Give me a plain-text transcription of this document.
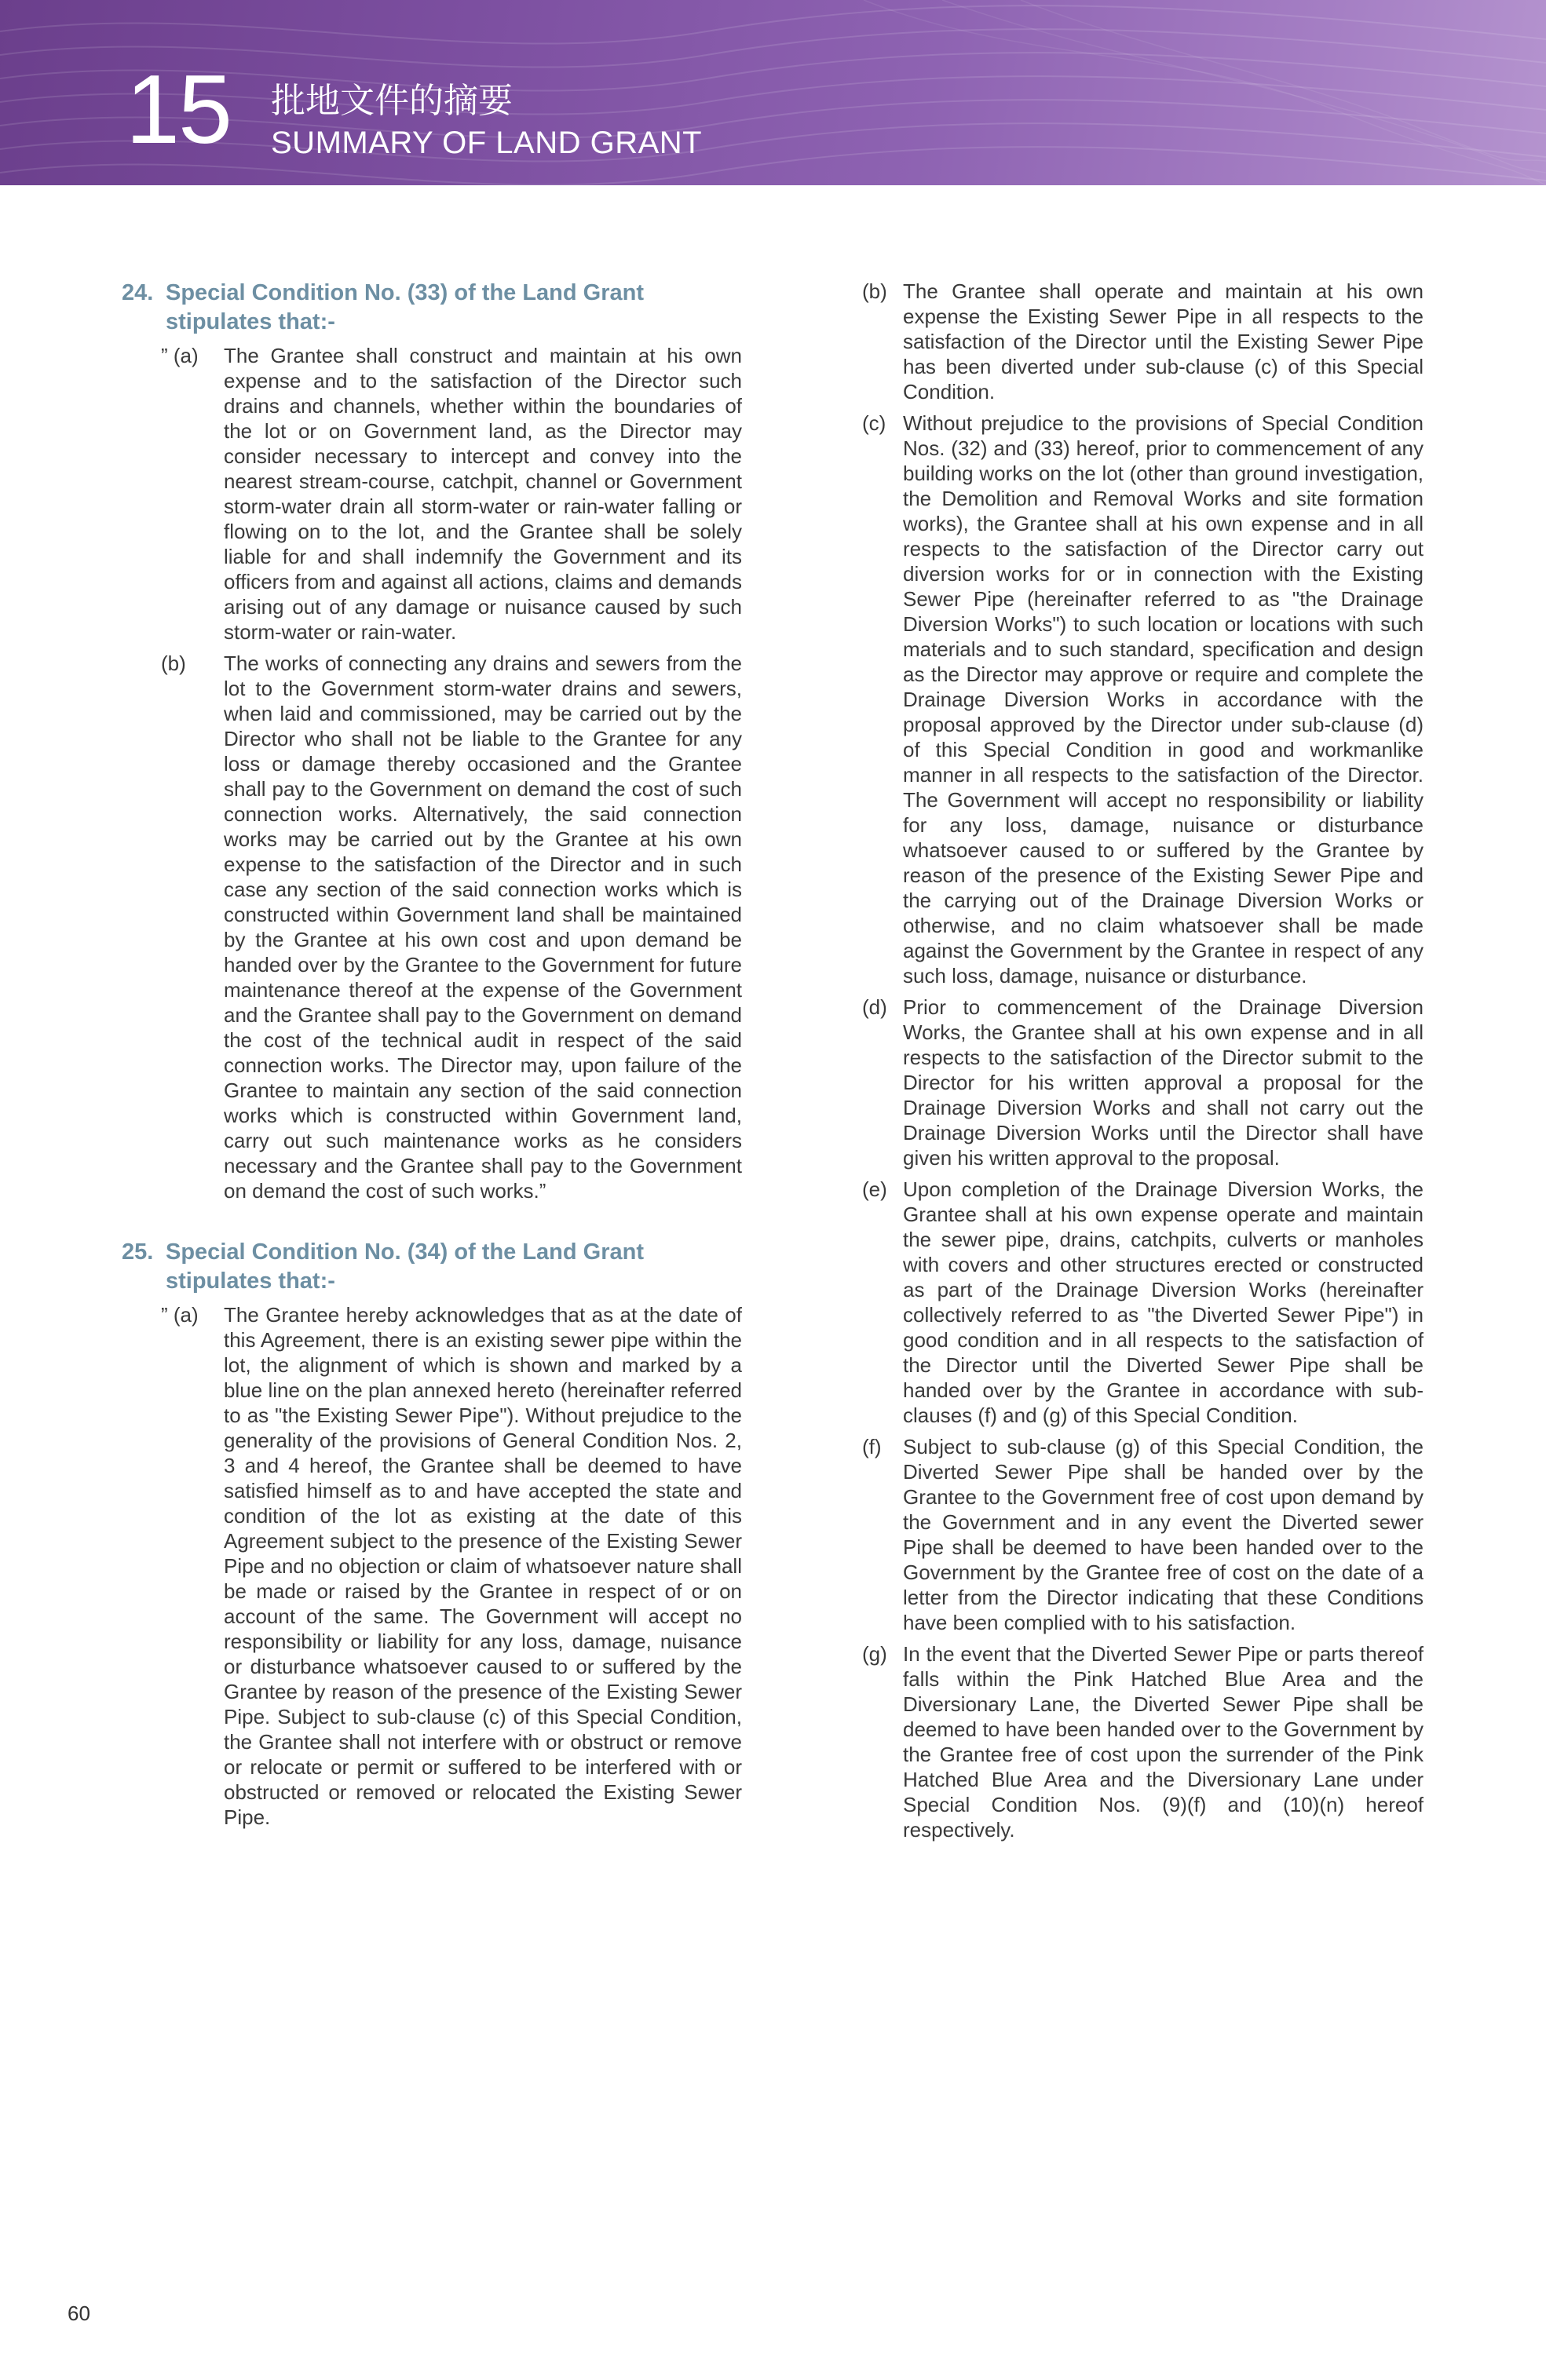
15 批地文件的摘要
SUMMARY OF LAND GRANT
24. Special Condition No. (33) of the Land Grant stipulates that:-
” (a)	The Grantee shall construct and maintain at his own expense and to the satisfaction of the Director such drains and channels, whether within the boundaries of the lot or on Government land, as the Director may consider necessary to intercept and convey into the nearest stream-course, catchpit, channel or Government storm-water drain all storm-water or rain-water falling or flowing on to the lot, and the Grantee shall be solely liable for and shall indemnify the Government and its officers from and against all actions, claims and demands arising out of any damage or nuisance caused by such storm-water or rain-water.
(b)	The works of connecting any drains and sewers from the lot to the Government storm-water drains and sewers, when laid and commissioned, may be carried out by the Director who shall not be liable to the Grantee for any loss or damage thereby occasioned and the Grantee shall pay to the Government on demand the cost of such connection works. Alternatively, the said connection works may be carried out by the Grantee at his own expense to the satisfaction of the Director and in such case any section of the said connection works which is constructed within Government land shall be maintained by the Grantee at his own cost and upon demand be handed over by the Grantee to the Government for future maintenance thereof at the expense of the Government and the Grantee shall pay to the Government on demand the cost of the technical audit in respect of the said connection works. The Director may, upon failure of the Grantee to maintain any section of the said connection works which is constructed within Government land, carry out such maintenance works as he considers necessary and the Grantee shall pay to the Government on demand the cost of such works.”
25. Special Condition No. (34) of the Land Grant stipulates that:-
” (a)	The Grantee hereby acknowledges that as at the date of this Agreement, there is an existing sewer pipe within the lot, the alignment of which is shown and marked by a blue line on the plan annexed hereto (hereinafter referred to as "the Existing Sewer Pipe"). Without prejudice to the generality of the provisions of General Condition Nos. 2, 3 and 4 hereof, the Grantee shall be deemed to have satisfied himself as to and have accepted the state and condition of the lot as existing at the date of this Agreement subject to the presence of the Existing Sewer Pipe and no objection or claim of whatsoever nature shall be made or raised by the Grantee in respect of or on account of the same. The Government will accept no responsibility or liability for any loss, damage, nuisance or disturbance whatsoever caused to or suffered by the Grantee by reason of the presence of the Existing Sewer Pipe. Subject to sub-clause (c) of this Special Condition, the Grantee shall not interfere with or obstruct or remove or relocate or permit or suffered to be interfered with or obstructed or removed or relocated the Existing Sewer Pipe.
(b) The Grantee shall operate and maintain at his own expense the Existing Sewer Pipe in all respects to the satisfaction of the Director until the Existing Sewer Pipe has been diverted under sub-clause (c) of this Special Condition.
(c) Without prejudice to the provisions of Special Condition Nos. (32) and (33) hereof, prior to commencement of any building works on the lot (other than ground investigation, the Demolition and Removal Works and site formation works), the Grantee shall at his own expense and in all respects to the satisfaction of the Director carry out diversion works for or in connection with the Existing Sewer Pipe (hereinafter referred to as "the Drainage Diversion Works") to such location or locations with such materials and to such standard, specification and design as the Director may approve or require and complete the Drainage Diversion Works in accordance with the proposal approved by the Director under sub-clause (d) of this Special Condition in good and workmanlike manner in all respects to the satisfaction of the Director. The Government will accept no responsibility or liability for any loss, damage, nuisance or disturbance whatsoever caused to or suffered by the Grantee by reason of the presence of the Existing Sewer Pipe and the carrying out of the Drainage Diversion Works or otherwise, and no claim whatsoever shall be made against the Government by the Grantee in respect of any such loss, damage, nuisance or disturbance.
(d) Prior to commencement of the Drainage Diversion Works, the Grantee shall at his own expense and in all respects to the satisfaction of the Director submit to the Director for his written approval a proposal for the Drainage Diversion Works and shall not carry out the Drainage Diversion Works until the Director shall have given his written approval to the proposal.
(e) Upon completion of the Drainage Diversion Works, the Grantee shall at his own expense operate and maintain the sewer pipe, drains, catchpits, culverts or manholes with covers and other structures erected or constructed as part of the Drainage Diversion Works (hereinafter collectively referred to as "the Diverted Sewer Pipe") in good condition and in all respects to the satisfaction of the Director until the Diverted Sewer Pipe shall be handed over by the Grantee in accordance with sub-clauses (f) and (g) of this Special Condition.
(f)	Subject to sub-clause (g) of this Special Condition, the Diverted Sewer Pipe shall be handed over by the Grantee to the Government free of cost upon demand by the Government and in any event the Diverted sewer Pipe shall be deemed to have been handed over to the Government by the Grantee free of cost on the date of a letter from the Director indicating that these Conditions have been complied with to his satisfaction.
(g) In the event that the Diverted Sewer Pipe or parts thereof falls within the Pink Hatched Blue Area and the Diversionary Lane, the Diverted Sewer Pipe shall be deemed to have been handed over to the Government by the Grantee free of cost upon the surrender of the Pink Hatched Blue Area and the Diversionary Lane under Special Condition Nos. (9)(f) and (10)(n) hereof respectively.
60
